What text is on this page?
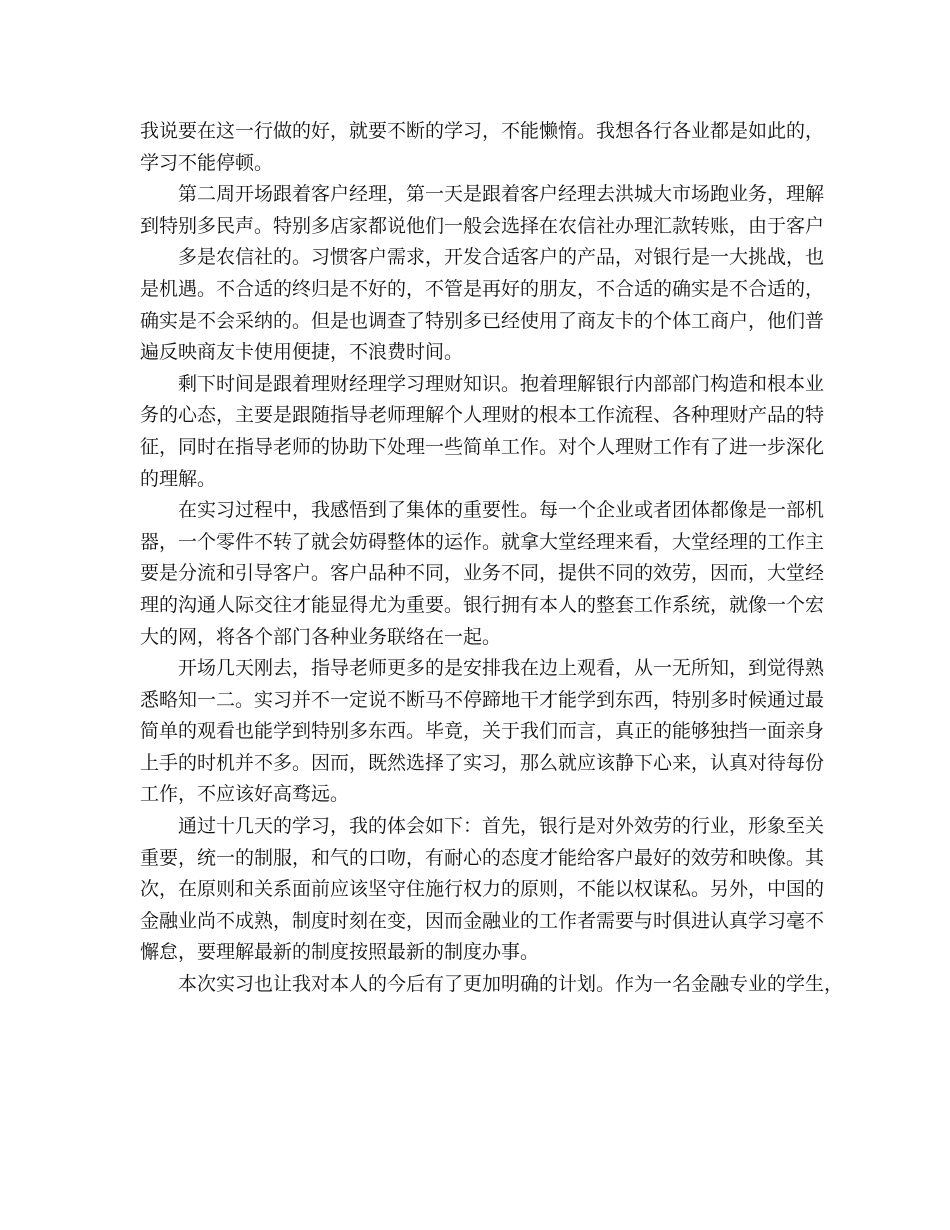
我说要在这一行做的好，就要不断的学习，不能懒惰。我想各行各业都是如此的，
学习不能停顿。
第二周开场跟着客户经理，第一天是跟着客户经理去洪城大市场跑业务，理解
到特别多民声。特别多店家都说他们一般会选择在农信社办理汇款转账，由于客户
多是农信社的。习惯客户需求，开发合适客户的产品，对银行是一大挑战，也
是机遇。不合适的终归是不好的，不管是再好的朋友，不合适的确实是不合适的，
确实是不会采纳的。但是也调查了特别多已经使用了商友卡的个体工商户，他们普
遍反映商友卡使用便捷，不浪费时间。
剩下时间是跟着理财经理学习理财知识。抱着理解银行内部部门构造和根本业
务的心态，主要是跟随指导老师理解个人理财的根本工作流程、各种理财产品的特
征，同时在指导老师的协助下处理一些简单工作。对个人理财工作有了进一步深化
的理解。
在实习过程中，我感悟到了集体的重要性。每一个企业或者团体都像是一部机
器，一个零件不转了就会妨碍整体的运作。就拿大堂经理来看，大堂经理的工作主
要是分流和引导客户。客户品种不同，业务不同，提供不同的效劳，因而，大堂经
理的沟通人际交往才能显得尤为重要。银行拥有本人的整套工作系统，就像一个宏
大的网，将各个部门各种业务联络在一起。
开场几天刚去，指导老师更多的是安排我在边上观看，从一无所知，到觉得熟
悉略知一二。实习并不一定说不断马不停蹄地干才能学到东西，特别多时候通过最
简单的观看也能学到特别多东西。毕竟，关于我们而言，真正的能够独挡一面亲身
上手的时机并不多。因而，既然选择了实习，那么就应该静下心来，认真对待每份
工作，不应该好高骛远。
通过十几天的学习，我的体会如下：首先，银行是对外效劳的行业，形象至关
重要，统一的制服，和气的口吻，有耐心的态度才能给客户最好的效劳和映像。其
次，在原则和关系面前应该坚守住施行权力的原则，不能以权谋私。另外，中国的
金融业尚不成熟，制度时刻在变，因而金融业的工作者需要与时俱进认真学习毫不
懈怠，要理解最新的制度按照最新的制度办事。
本次实习也让我对本人的今后有了更加明确的计划。作为一名金融专业的学生，
